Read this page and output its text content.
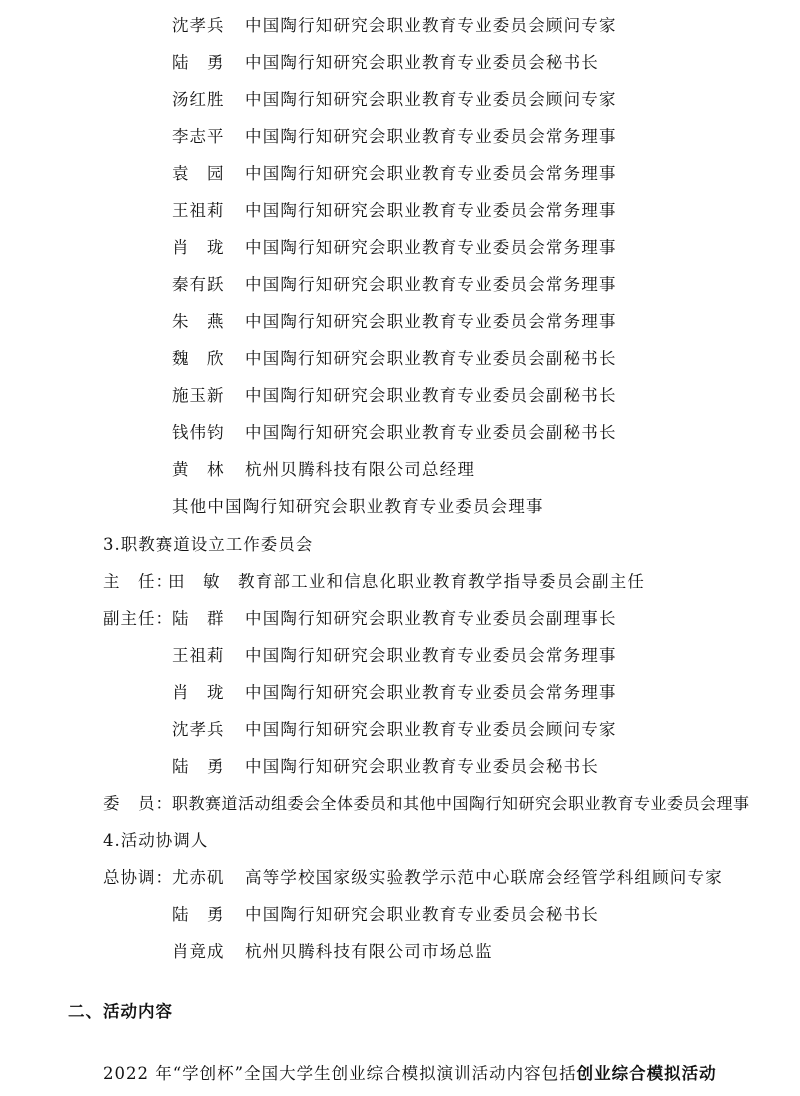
沈孝兵 中国陶行知研究会职业教育专业委员会顾问专家
陆　勇 中国陶行知研究会职业教育专业委员会秘书长
汤红胜 中国陶行知研究会职业教育专业委员会顾问专家
李志平 中国陶行知研究会职业教育专业委员会常务理事
袁　园 中国陶行知研究会职业教育专业委员会常务理事
王祖莉 中国陶行知研究会职业教育专业委员会常务理事
肖　珑 中国陶行知研究会职业教育专业委员会常务理事
秦有跃 中国陶行知研究会职业教育专业委员会常务理事
朱　燕 中国陶行知研究会职业教育专业委员会常务理事
魏　欣 中国陶行知研究会职业教育专业委员会副秘书长
施玉新 中国陶行知研究会职业教育专业委员会副秘书长
钱伟钧 中国陶行知研究会职业教育专业委员会副秘书长
黄　林 杭州贝腾科技有限公司总经理
其他中国陶行知研究会职业教育专业委员会理事
3.职教赛道设立工作委员会
主　任：
田　敏 教育部工业和信息化职业教育教学指导委员会副主任
副主任： 陆　群 中国陶行知研究会职业教育专业委员会副理事长
王祖莉 中国陶行知研究会职业教育专业委员会常务理事
肖　珑 中国陶行知研究会职业教育专业委员会常务理事
沈孝兵 中国陶行知研究会职业教育专业委员会顾问专家
陆　勇 中国陶行知研究会职业教育专业委员会秘书长
委　员： 职教赛道活动组委会全体委员和其他中国陶行知研究会职业教育专业委员会理事
4.活动协调人
总协调： 尤赤矶 高等学校国家级实验教学示范中心联席会经管学科组顾问专家
陆　勇 中国陶行知研究会职业教育专业委员会秘书长
肖竟成 杭州贝腾科技有限公司市场总监
二、活动内容
2022 年“学创杯”全国大学生创业综合模拟演训活动内容包括创业综合模拟活动
